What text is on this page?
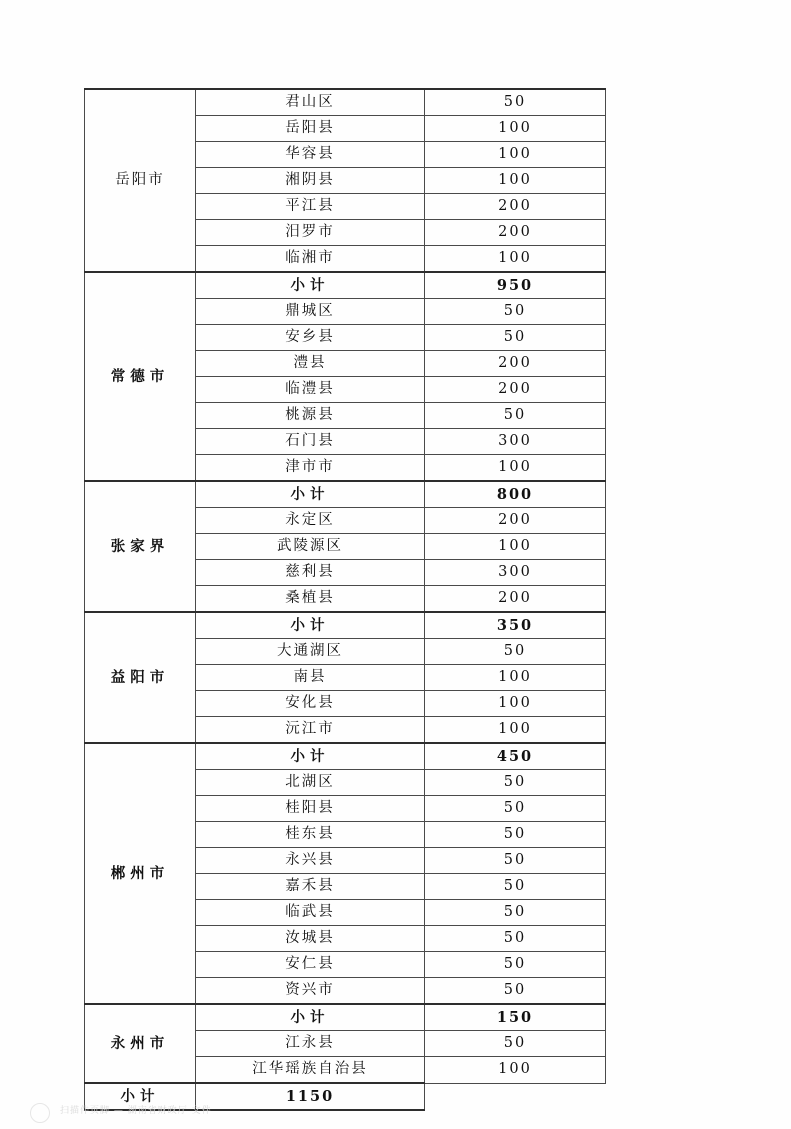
岳阳市	君山区	50
	岳阳县	100
	华容县	100
	湘阴县	100
	平江县	200
	汨罗市	200
	临湘市	100
常德市	小计	950
	鼎城区	50
	安乡县	50
	澧县	200
	临澧县	200
	桃源县	50
	石门县	300
	津市市	100
张家界	小计	800
	永定区	200
	武陵源区	100
	慈利县	300
	桑植县	200
益阳市	小计	350
	大通湖区	50
	南县	100
	安化县	100
	沅江市	100
郴州市	小计	450
	北湖区	50
	桂阳县	50
	桂东县	50
	永兴县	50
	嘉禾县	50
	临武县	50
	汝城县	50
	安仁县	50
	资兴市	50
永州市	小计	150
	江永县	50
	江华瑶族自治县	100
小计	1150	
扫描件页脚 — 湖南省财政厅 文件
